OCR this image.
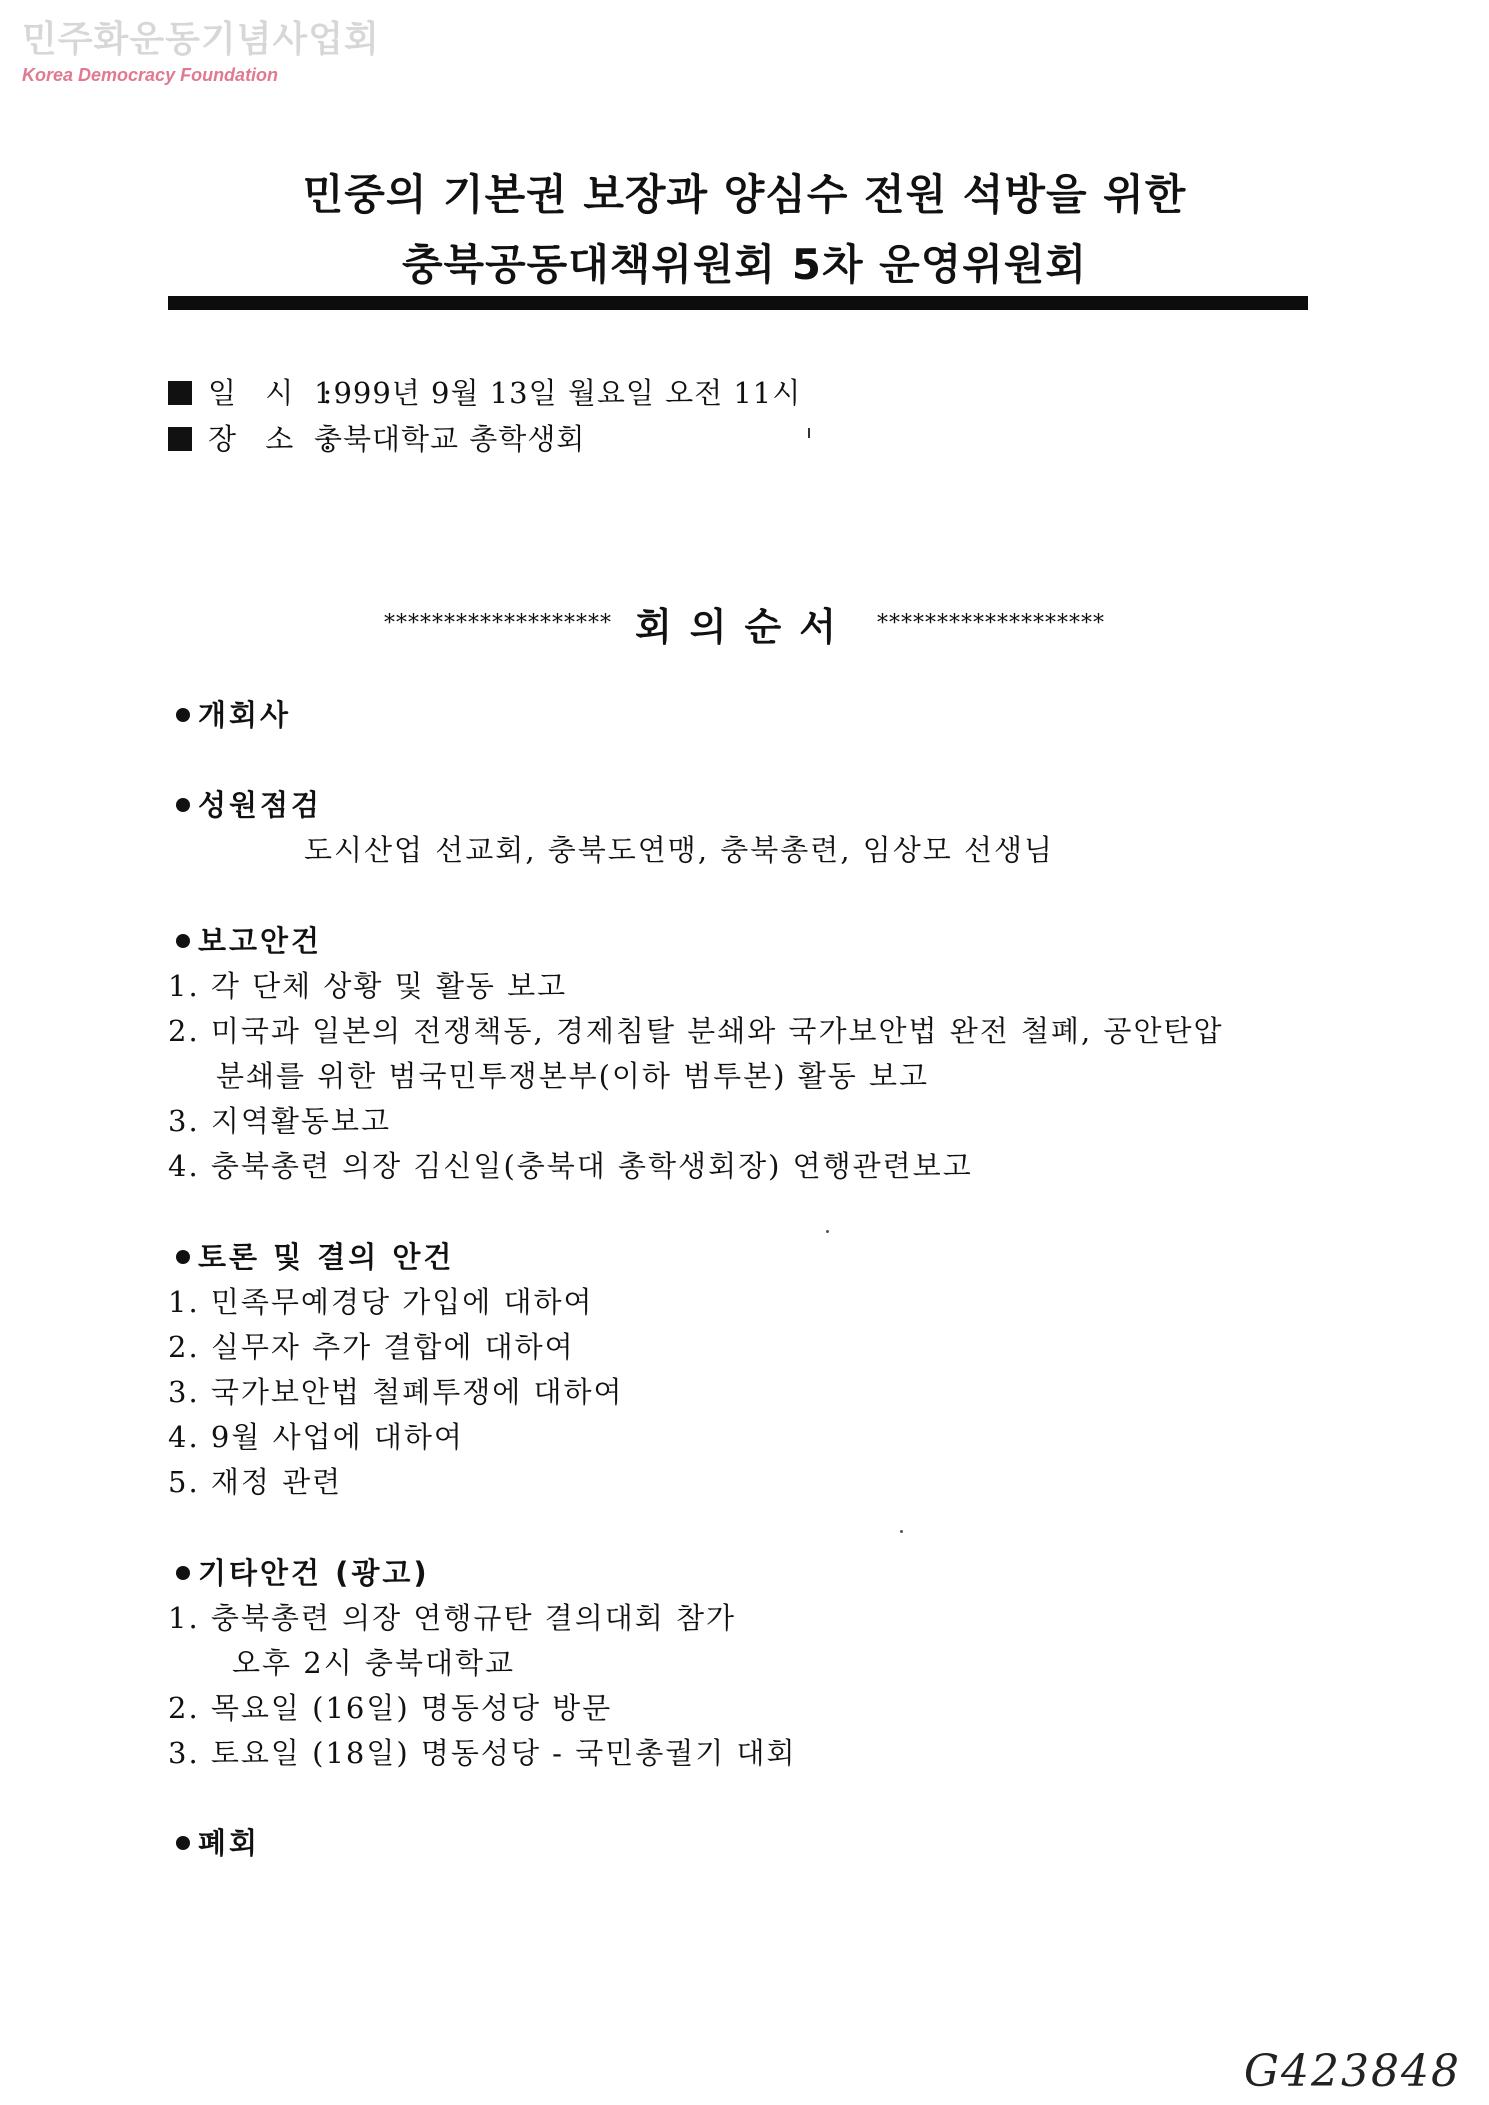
민주화운동기념사업회
Korea Democracy Foundation
민중의 기본권 보장과 양심수 전원 석방을 위한
충북공동대책위원회 5차 운영위원회
일 시 :
1999년 9월 13일 월요일 오전 11시
장 소 :
충북대학교 총학생회
******************* 회의순서 *******************
개회사
성원점검
도시산업 선교회, 충북도연맹, 충북총련, 임상모 선생님
보고안건
1. 각 단체 상황 및 활동 보고
2. 미국과 일본의 전쟁책동, 경제침탈 분쇄와 국가보안법 완전 철폐, 공안탄압
분쇄를 위한 범국민투쟁본부(이하 범투본) 활동 보고
3. 지역활동보고
4. 충북총련 의장 김신일(충북대 총학생회장) 연행관련보고
토론 및 결의 안건
1. 민족무예경당 가입에 대하여
2. 실무자 추가 결합에 대하여
3. 국가보안법 철폐투쟁에 대하여
4. 9월 사업에 대하여
5. 재정 관련
기타안건 (광고)
1. 충북총련 의장 연행규탄 결의대회 참가
오후 2시 충북대학교
2. 목요일 (16일) 명동성당 방문
3. 토요일 (18일) 명동성당 - 국민총궐기 대회
폐회
G423848
